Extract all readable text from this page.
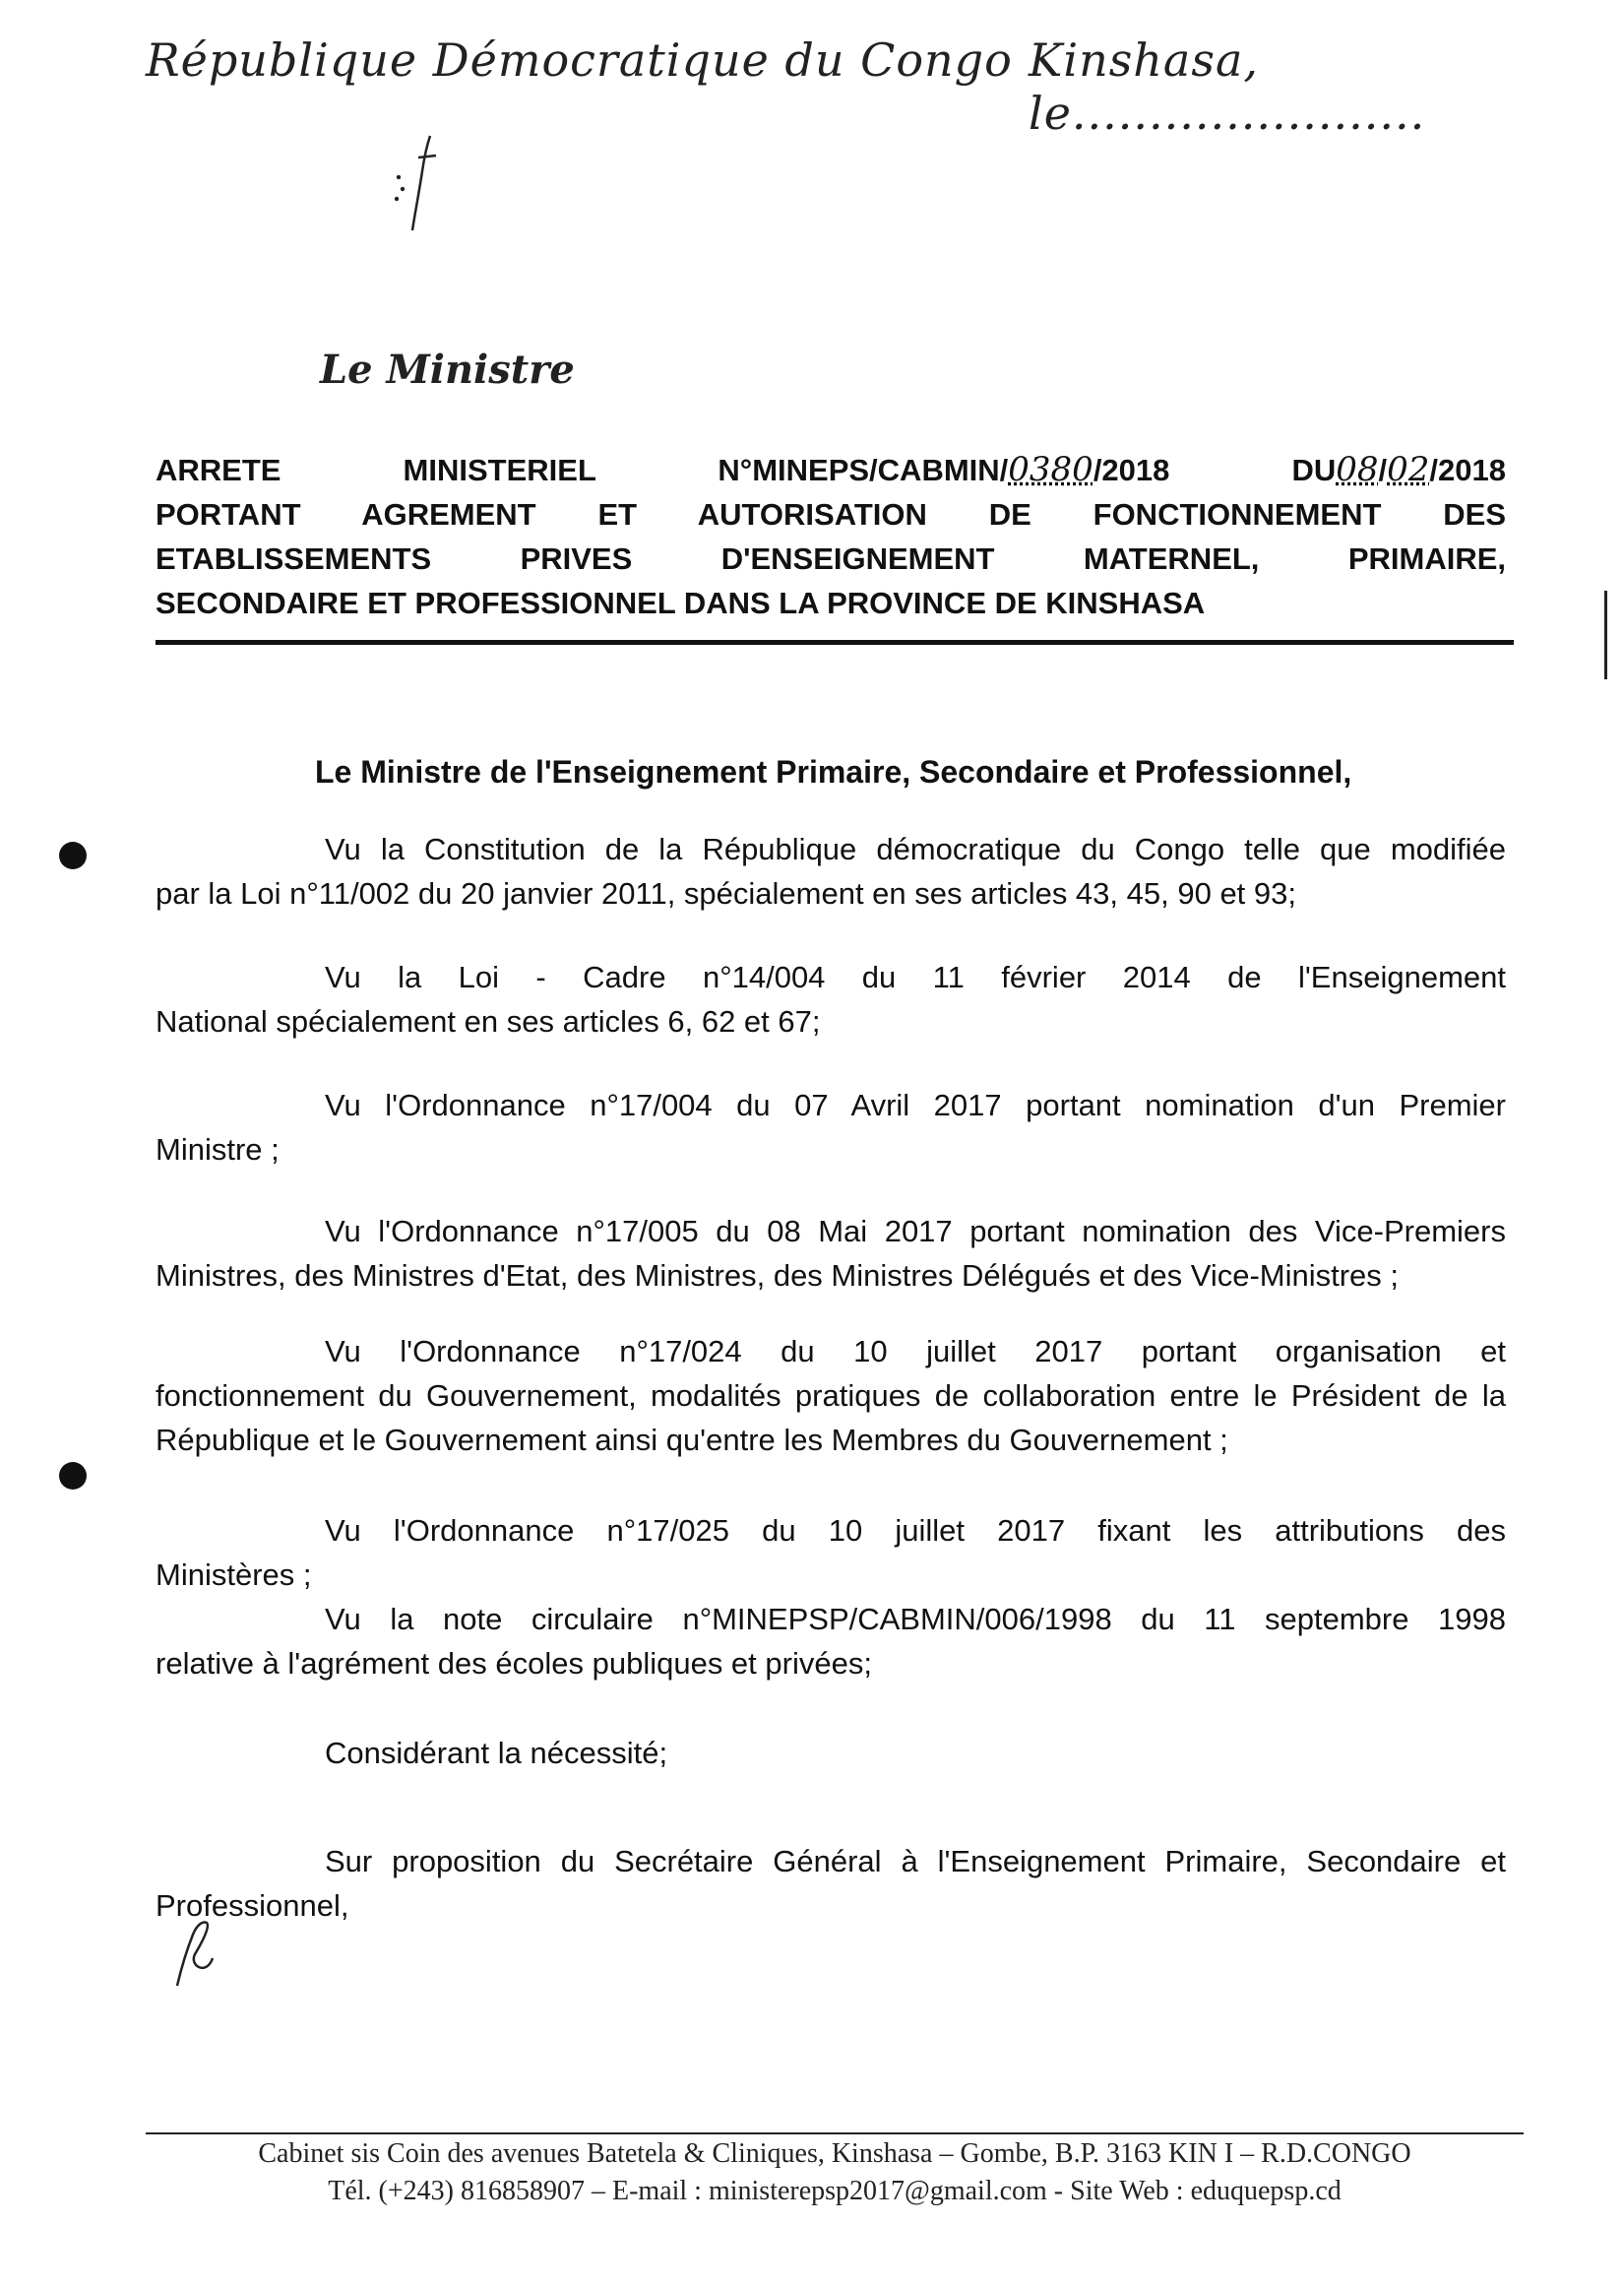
République Démocratique du Congo Kinshasa, le.......................
Le Ministre
ARRETE MINISTERIEL N°MINEPS/CABMIN/0380/2018 DU08/02/2018
PORTANT AGREMENT ET AUTORISATION DE FONCTIONNEMENT DES
ETABLISSEMENTS PRIVES D'ENSEIGNEMENT MATERNEL, PRIMAIRE,
SECONDAIRE ET PROFESSIONNEL DANS LA PROVINCE DE KINSHASA
Le Ministre de l'Enseignement Primaire, Secondaire et Professionnel,
Vu la Constitution de la République démocratique du Congo telle que modifiée
par la Loi n°11/002 du 20 janvier 2011, spécialement en ses articles 43, 45, 90 et 93;
Vu la Loi - Cadre n°14/004 du 11 février 2014 de l'Enseignement
National spécialement en ses articles 6, 62 et 67;
Vu l'Ordonnance n°17/004 du 07 Avril 2017 portant nomination d'un Premier
Ministre ;
Vu l'Ordonnance n°17/005 du 08 Mai 2017 portant nomination des Vice-Premiers
Ministres, des Ministres d'Etat, des Ministres, des Ministres Délégués et des Vice-Ministres ;
Vu l'Ordonnance n°17/024 du 10 juillet 2017 portant organisation et
fonctionnement du Gouvernement, modalités pratiques de collaboration entre le Président de la République et le Gouvernement ainsi qu'entre les Membres du Gouvernement ;
Vu l'Ordonnance n°17/025 du 10 juillet 2017 fixant les attributions des
Ministères ;
Vu la note circulaire n°MINEPSP/CABMIN/006/1998 du 11 septembre 1998
relative à l'agrément des écoles publiques et privées;
Considérant la nécessité;
Sur proposition du Secrétaire Général à l'Enseignement Primaire, Secondaire et
Professionnel,
Cabinet sis Coin des avenues Batetela & Cliniques, Kinshasa – Gombe, B.P. 3163 KIN I – R.D.CONGO
Tél. (+243) 816858907 – E-mail : ministerepsp2017@gmail.com - Site Web : eduquepsp.cd
